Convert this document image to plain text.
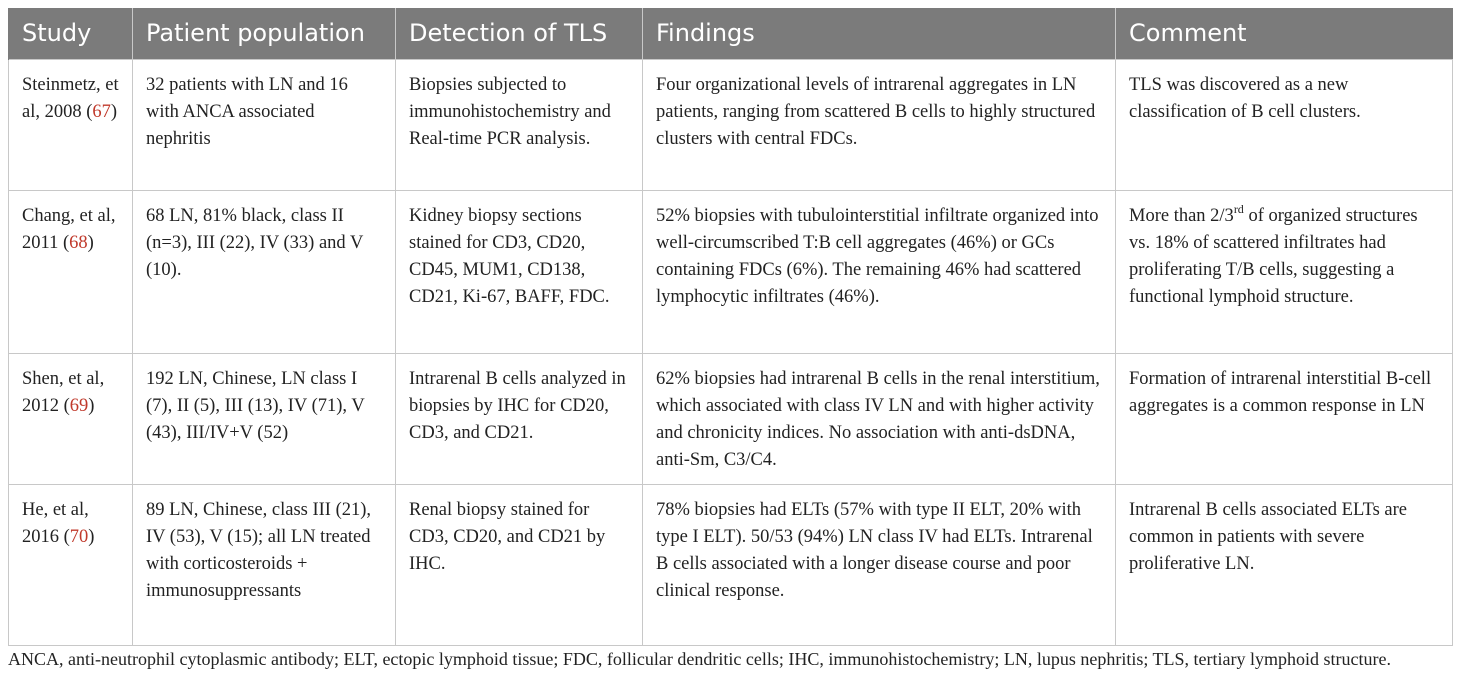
Study	Patient population	Detection of TLS	Findings	Comment
Steinmetz, et al, 2008 (67)	32 patients with LN and 16 with ANCA associated nephritis	Biopsies subjected to immunohistochemistry and Real-time PCR analysis.	Four organizational levels of intrarenal aggregates in LN patients, ranging from scattered B cells to highly structured clusters with central FDCs.	TLS was discovered as a new classification of B cell clusters.
Chang, et al, 2011 (68)	68 LN, 81% black, class II (n=3), III (22), IV (33) and V (10).	Kidney biopsy sections stained for CD3, CD20, CD45, MUM1, CD138, CD21, Ki-67, BAFF, FDC.	52% biopsies with tubulointerstitial infiltrate organized into well-circumscribed T:B cell aggregates (46%) or GCs containing FDCs (6%). The remaining 46% had scattered lymphocytic infiltrates (46%).	More than 2/3rd of organized structures vs. 18% of scattered infiltrates had proliferating T/B cells, suggesting a functional lymphoid structure.
Shen, et al, 2012 (69)	192 LN, Chinese, LN class I (7), II (5), III (13), IV (71), V (43), III/IV+V (52)	Intrarenal B cells analyzed in biopsies by IHC for CD20, CD3, and CD21.	62% biopsies had intrarenal B cells in the renal interstitium, which associated with class IV LN and with higher activity and chronicity indices. No association with anti-dsDNA, anti-Sm, C3/C4.	Formation of intrarenal interstitial B-cell aggregates is a common response in LN
He, et al, 2016 (70)	89 LN, Chinese, class III (21), IV (53), V (15); all LN treated with corticosteroids + immunosuppressants	Renal biopsy stained for CD3, CD20, and CD21 by IHC.	78% biopsies had ELTs (57% with type II ELT, 20% with type I ELT). 50/53 (94%) LN class IV had ELTs. Intrarenal B cells associated with a longer disease course and poor clinical response.	Intrarenal B cells associated ELTs are common in patients with severe proliferative LN.
ANCA, anti-neutrophil cytoplasmic antibody; ELT, ectopic lymphoid tissue; FDC, follicular dendritic cells; IHC, immunohistochemistry; LN, lupus nephritis; TLS, tertiary lymphoid structure.
